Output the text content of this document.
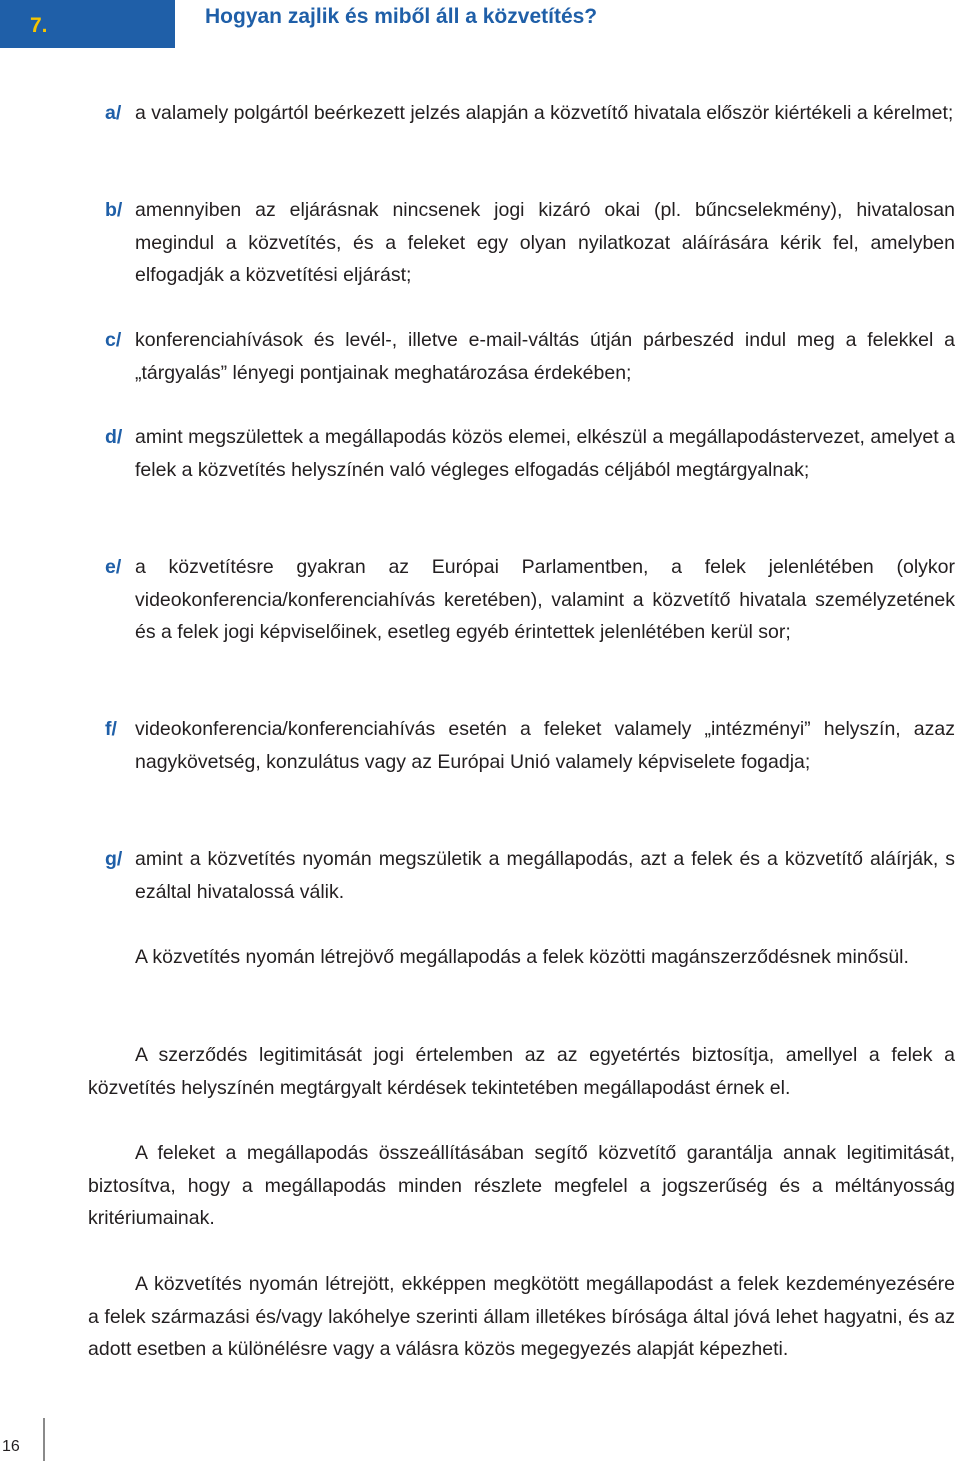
7.	Hogyan zajlik és miből áll a közvetítés?
a/ a valamely polgártól beérkezett jelzés alapján a közvetítő hivatala először kiértékeli a kérelmet;
b/ amennyiben az eljárásnak nincsenek jogi kizáró okai (pl. bűncselekmény), hivatalosan megindul a közvetítés, és a feleket egy olyan nyilatkozat aláírására kérik fel, amelyben elfogadják a közvetítési eljárást;
c/ konferenciahívások és levél-, illetve e-mail-váltás útján párbeszéd indul meg a felekkel a „tárgyalás” lényegi pontjainak meghatározása érdekében;
d/ amint megszülettek a megállapodás közös elemei, elkészül a megállapodástervezet, amelyet a felek a közvetítés helyszínén való végleges elfogadás céljából megtárgyalnak;
e/ a közvetítésre gyakran az Európai Parlamentben, a felek jelenlétében (olykor videokonferencia/konferenciahívás keretében), valamint a közvetítő hivatala személyzetének és a felek jogi képviselőinek, esetleg egyéb érintettek jelenlétében kerül sor;
f/ videokonferencia/konferenciahívás esetén a feleket valamely „intézményi” helyszín, azaz nagykövetség, konzulátus vagy az Európai Unió valamely képviselete fogadja;
g/ amint a közvetítés nyomán megszületik a megállapodás, azt a felek és a közvetítő aláírják, s ezáltal hivatalossá válik.
A közvetítés nyomán létrejövő megállapodás a felek közötti magánszerződésnek minősül.
A szerződés legitimitását jogi értelemben az az egyetértés biztosítja, amellyel a felek a közvetítés helyszínén megtárgyalt kérdések tekintetében megállapodást érnek el.
A feleket a megállapodás összeállításában segítő közvetítő garantálja annak legitimitását, biztosítva, hogy a megállapodás minden részlete megfelel a jogszerűség és a méltányosság kritériumainak.
A közvetítés nyomán létrejött, ekképpen megkötött megállapodást a felek kezdeményezésére a felek származási és/vagy lakóhelye szerinti állam illetékes bírósága által jóvá lehet hagyatni, és az adott esetben a különélésre vagy a válásra közös megegyezés alapját képezheti.
16
